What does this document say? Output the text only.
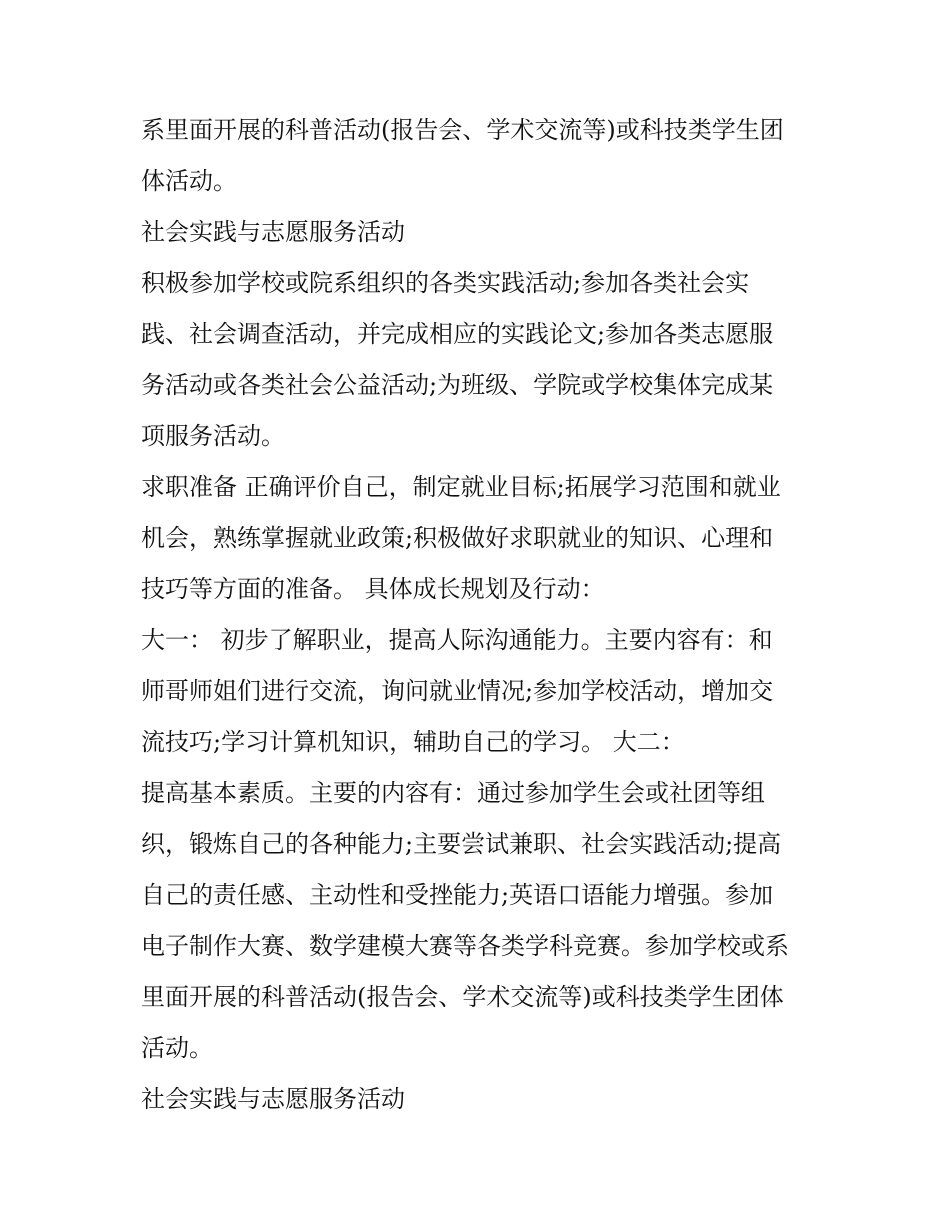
系里面开展的科普活动(报告会、学术交流等)或科技类学生团
体活动。
社会实践与志愿服务活动
积极参加学校或院系组织的各类实践活动;参加各类社会实
践、社会调查活动，并完成相应的实践论文;参加各类志愿服
务活动或各类社会公益活动;为班级、学院或学校集体完成某
项服务活动。
求职准备 正确评价自己，制定就业目标;拓展学习范围和就业
机会，熟练掌握就业政策;积极做好求职就业的知识、心理和
技巧等方面的准备。 具体成长规划及行动：
大一： 初步了解职业，提高人际沟通能力。主要内容有：和
师哥师姐们进行交流，询问就业情况;参加学校活动，增加交
流技巧;学习计算机知识，辅助自己的学习。 大二：
提高基本素质。主要的内容有：通过参加学生会或社团等组
织，锻炼自己的各种能力;主要尝试兼职、社会实践活动;提高
自己的责任感、主动性和受挫能力;英语口语能力增强。参加
电子制作大赛、数学建模大赛等各类学科竞赛。参加学校或系
里面开展的科普活动(报告会、学术交流等)或科技类学生团体
活动。
社会实践与志愿服务活动
